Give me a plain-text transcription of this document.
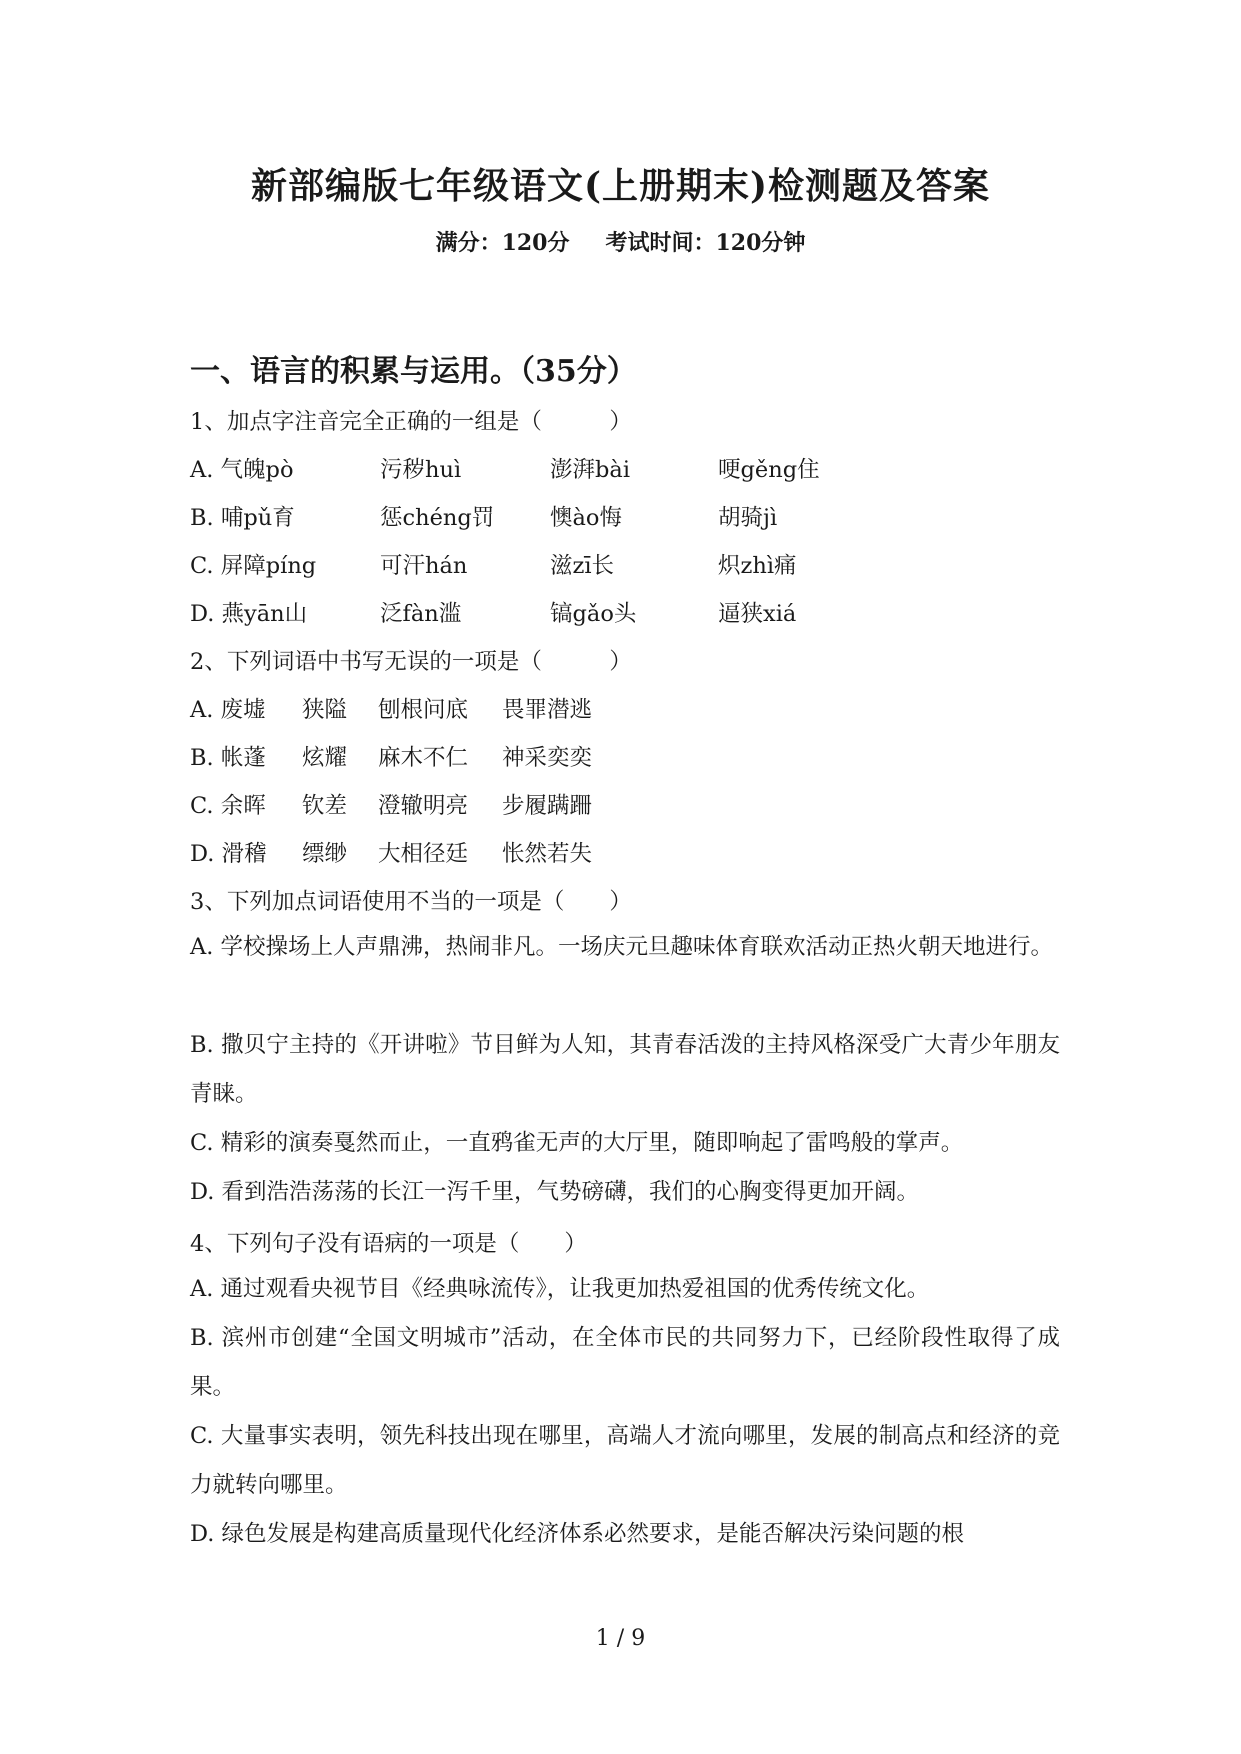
新部编版七年级语文(上册期末)检测题及答案
满分：120分 考试时间：120分钟
一、语言的积累与运用。（35分）
1、加点字注音完全正确的一组是（　　　）
A. 气魄pò	污秽huì	澎湃bài	哽gěng住
B. 哺pǔ育	惩chéng罚 懊ào悔	胡骑jì
C. 屏障píng	可汗hán	滋zī长	炽zhì痛
D. 燕yān山	泛fàn滥	镐gǎo头	逼狭xiá
2、下列词语中书写无误的一项是（　　　）
A. 废墟 狭隘 刨根问底 畏罪潜逃
B. 帐蓬 炫耀 麻木不仁 神采奕奕
C. 余晖 钦差 澄辙明亮 步履蹒跚
D. 滑稽 缥缈 大相径廷 怅然若失
3、下列加点词语使用不当的一项是（　　）
A. 学校操场上人声鼎沸，热闹非凡。一场庆元旦趣味体育联欢活动正热火朝天地进行。
B. 撒贝宁主持的《开讲啦》节目鲜为人知，其青春活泼的主持风格深受广大青少年朋友青睐。
C. 精彩的演奏戛然而止，一直鸦雀无声的大厅里，随即响起了雷鸣般的掌声。
D. 看到浩浩荡荡的长江一泻千里，气势磅礴，我们的心胸变得更加开阔。
4、下列句子没有语病的一项是（　　）
A. 通过观看央视节目《经典咏流传》，让我更加热爱祖国的优秀传统文化。
B. 滨州市创建“全国文明城市”活动，在全体市民的共同努力下，已经阶段性取得了成果。
C. 大量事实表明，领先科技出现在哪里，高端人才流向哪里，发展的制高点和经济的竞力就转向哪里。
D. 绿色发展是构建高质量现代化经济体系必然要求，是能否解决污染问题的根
1 / 9
